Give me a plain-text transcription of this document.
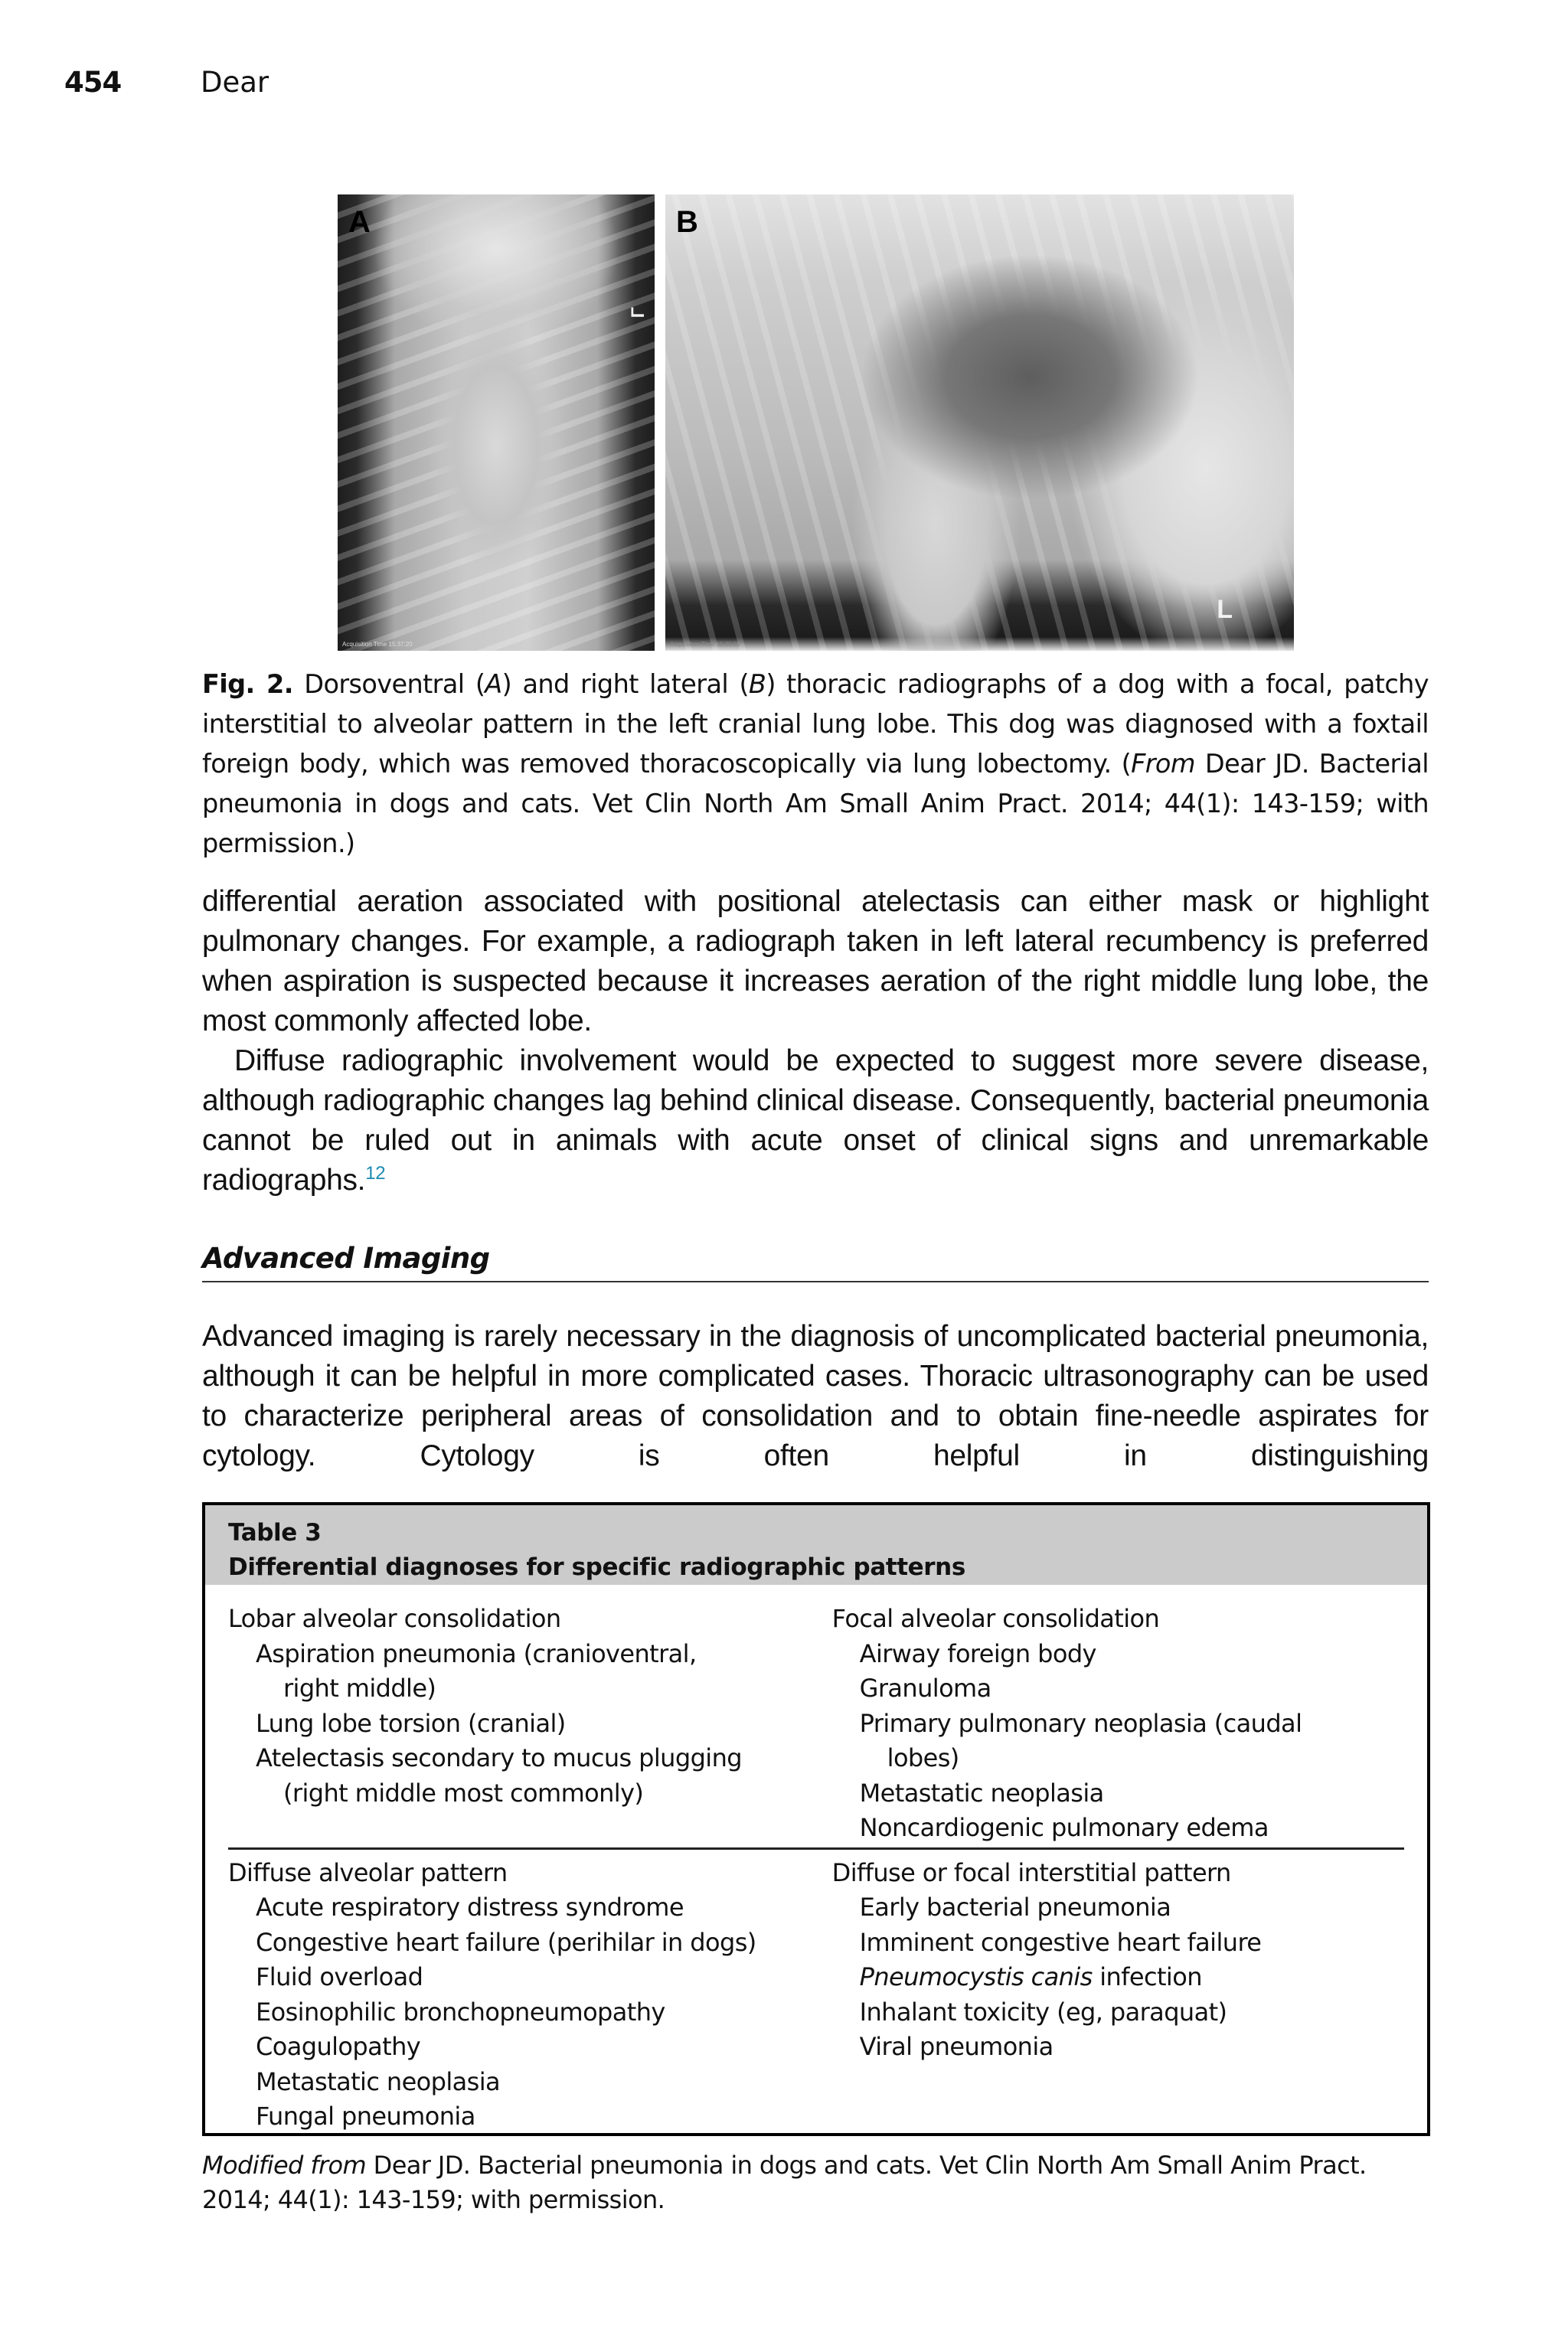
454	Dear
A
L
Acquisition Time 15:37:20
B
L
Acquisition Time 15:35:06

Fig. 2. Dorsoventral (A) and right lateral (B) thoracic radiographs of a dog with a focal, patchy interstitial to alveolar pattern in the left cranial lung lobe. This dog was diagnosed with a foxtail foreign body, which was removed thoracoscopically via lung lobectomy. (From Dear JD. Bacterial pneumonia in dogs and cats. Vet Clin North Am Small Anim Pract. 2014; 44(1): 143-159; with permission.)

differential aeration associated with positional atelectasis can either mask or highlight pulmonary changes. For example, a radiograph taken in left lateral recumbency is preferred when aspiration is suspected because it increases aeration of the right middle lung lobe, the most commonly affected lobe.

Diffuse radiographic involvement would be expected to suggest more severe disease, although radiographic changes lag behind clinical disease. Consequently, bacterial pneumonia cannot be ruled out in animals with acute onset of clinical signs and unremarkable radiographs.$^{12}$

Advanced Imaging

Advanced imaging is rarely necessary in the diagnosis of uncomplicated bacterial pneumonia, although it can be helpful in more complicated cases. Thoracic ultrasonography can be used to characterize peripheral areas of consolidation and to obtain fine-needle aspirates for cytology. Cytology is often helpful in distinguishing

Table 3
Differential diagnoses for specific radiographic patterns
Lobar alveolar consolidation
Aspiration pneumonia (cranioventral,
right middle)
Lung lobe torsion (cranial)
Atelectasis secondary to mucus plugging
(right middle most commonly)
Focal alveolar consolidation
Airway foreign body
Granuloma
Primary pulmonary neoplasia (caudal
lobes)
Metastatic neoplasia
Noncardiogenic pulmonary edema
Diffuse alveolar pattern
Acute respiratory distress syndrome
Congestive heart failure (perihilar in dogs)
Fluid overload
Eosinophilic bronchopneumopathy
Coagulopathy
Metastatic neoplasia
Fungal pneumonia
Diffuse or focal interstitial pattern
Early bacterial pneumonia
Imminent congestive heart failure
Pneumocystis canis infection
Inhalant toxicity (eg, paraquat)
Viral pneumonia

Modified from Dear JD. Bacterial pneumonia in dogs and cats. Vet Clin North Am Small Anim Pract. 2014; 44(1): 143-159; with permission.
